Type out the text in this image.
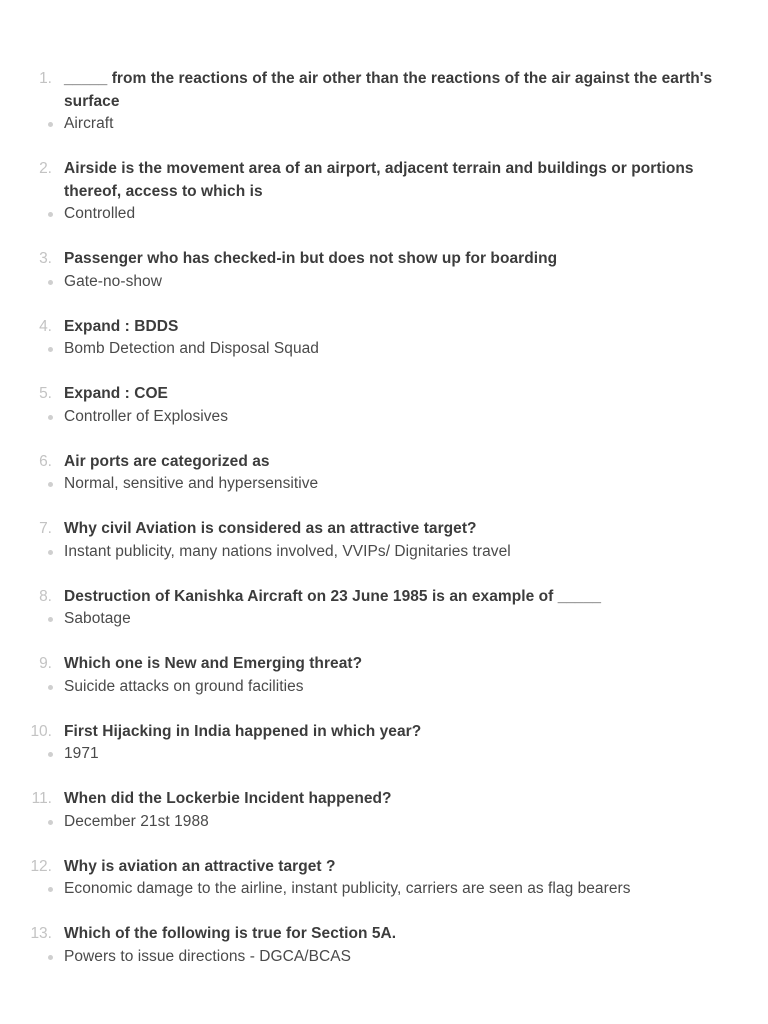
1. _____ from the reactions of the air other than the reactions of the air against the earth's surface
Aircraft
2. Airside is the movement area of an airport, adjacent terrain and buildings or portions thereof, access to which is
Controlled
3. Passenger who has checked-in but does not show up for boarding
Gate-no-show
4. Expand : BDDS
Bomb Detection and Disposal Squad
5. Expand : COE
Controller of Explosives
6. Air ports are categorized as
Normal, sensitive and hypersensitive
7. Why civil Aviation is considered as an attractive target?
Instant publicity, many nations involved, VVIPs/ Dignitaries travel
8. Destruction of Kanishka Aircraft on 23 June 1985 is an example of _____
Sabotage
9. Which one is New and Emerging threat?
Suicide attacks on ground facilities
10. First Hijacking in India happened in which year?
1971
11. When did the Lockerbie Incident happened?
December 21st 1988
12. Why is aviation an attractive target ?
Economic damage to the airline, instant publicity, carriers are seen as flag bearers
13. Which of the following is true for Section 5A.
Powers to issue directions - DGCA/BCAS
